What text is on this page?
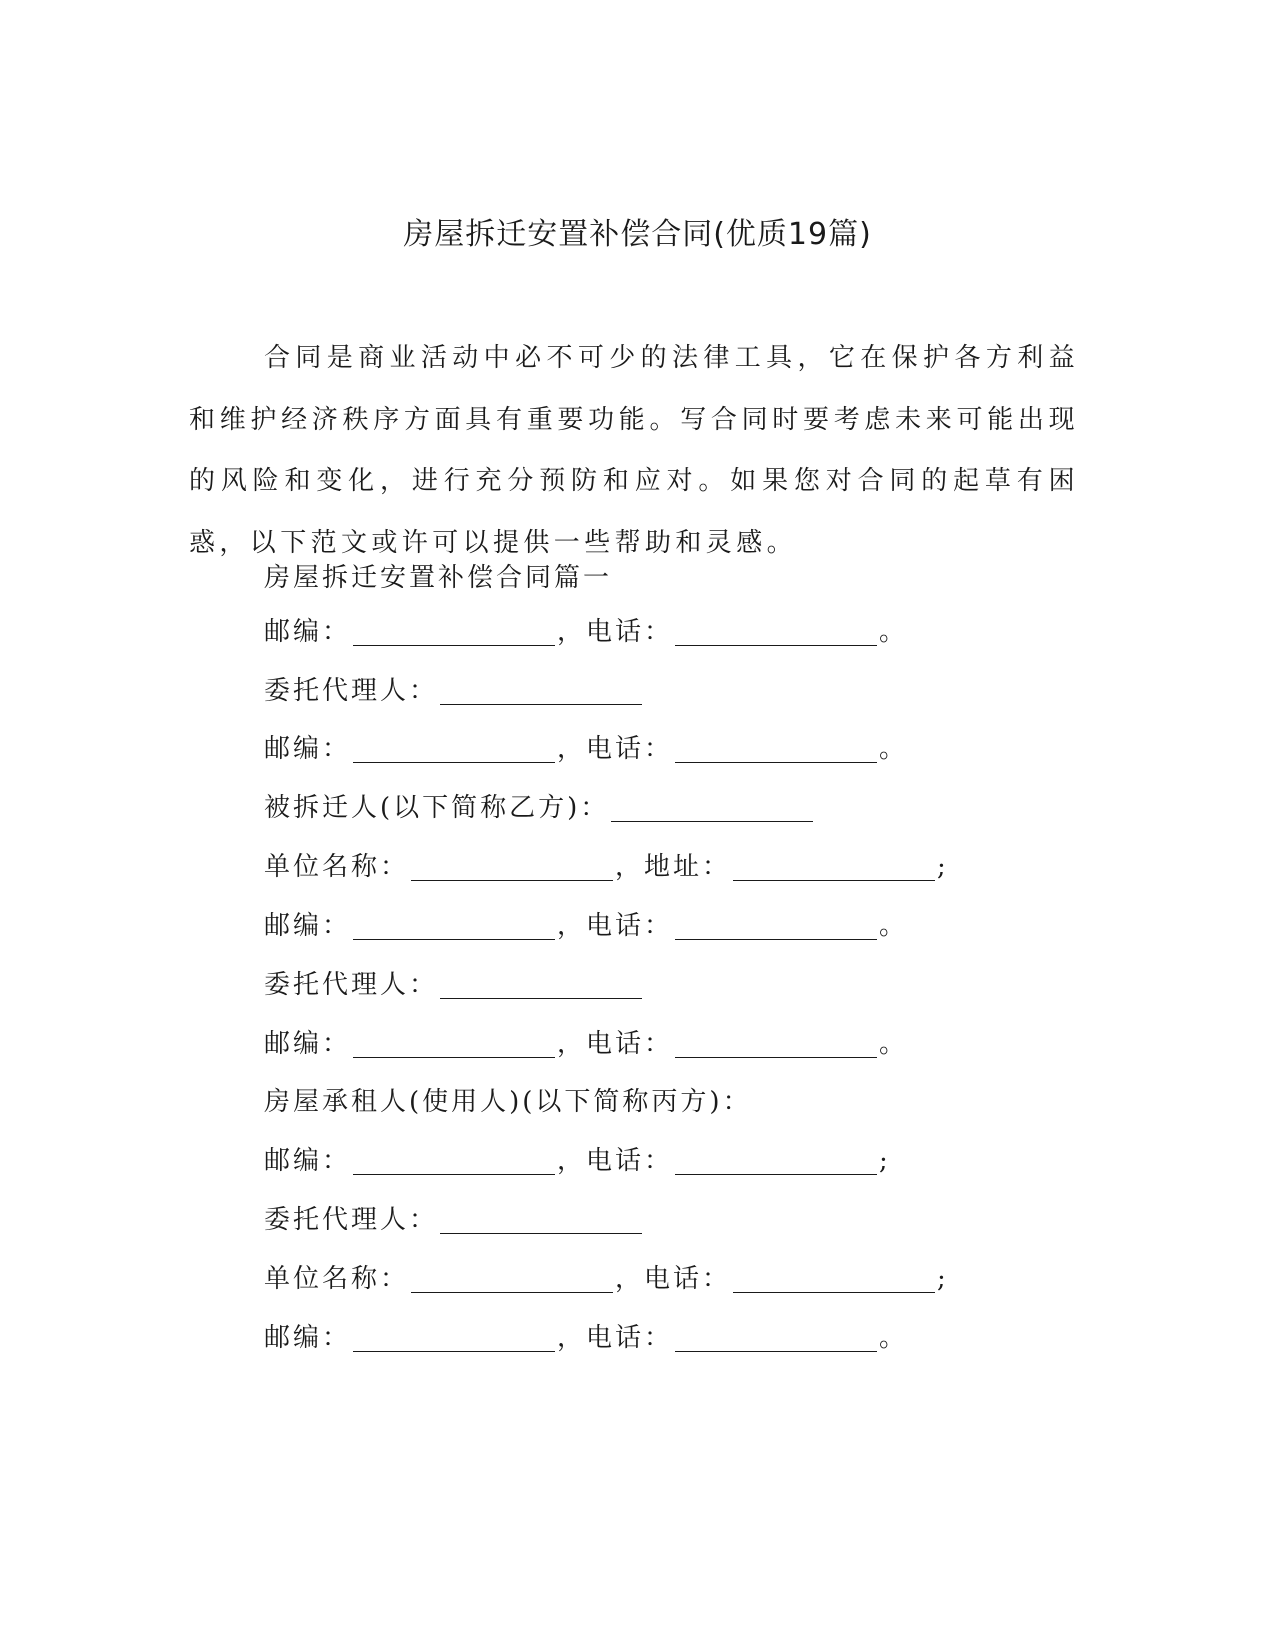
房屋拆迁安置补偿合同(优质19篇)

合同是商业活动中必不可少的法律工具，它在保护各方利益和维护经济秩序方面具有重要功能。写合同时要考虑未来可能出现的风险和变化，进行充分预防和应对。如果您对合同的起草有困惑，以下范文或许可以提供一些帮助和灵感。

房屋拆迁安置补偿合同篇一
邮编：	，电话：	。
委托代理人：
邮编：	，电话：	。
被拆迁人(以下简称乙方)：
单位名称：	，地址：	;
邮编：	，电话：	。
委托代理人：
邮编：	，电话：	。
房屋承租人(使用人)(以下简称丙方)：
邮编：	，电话：	;
委托代理人：
单位名称：	，电话：	;
邮编：	，电话：	。
